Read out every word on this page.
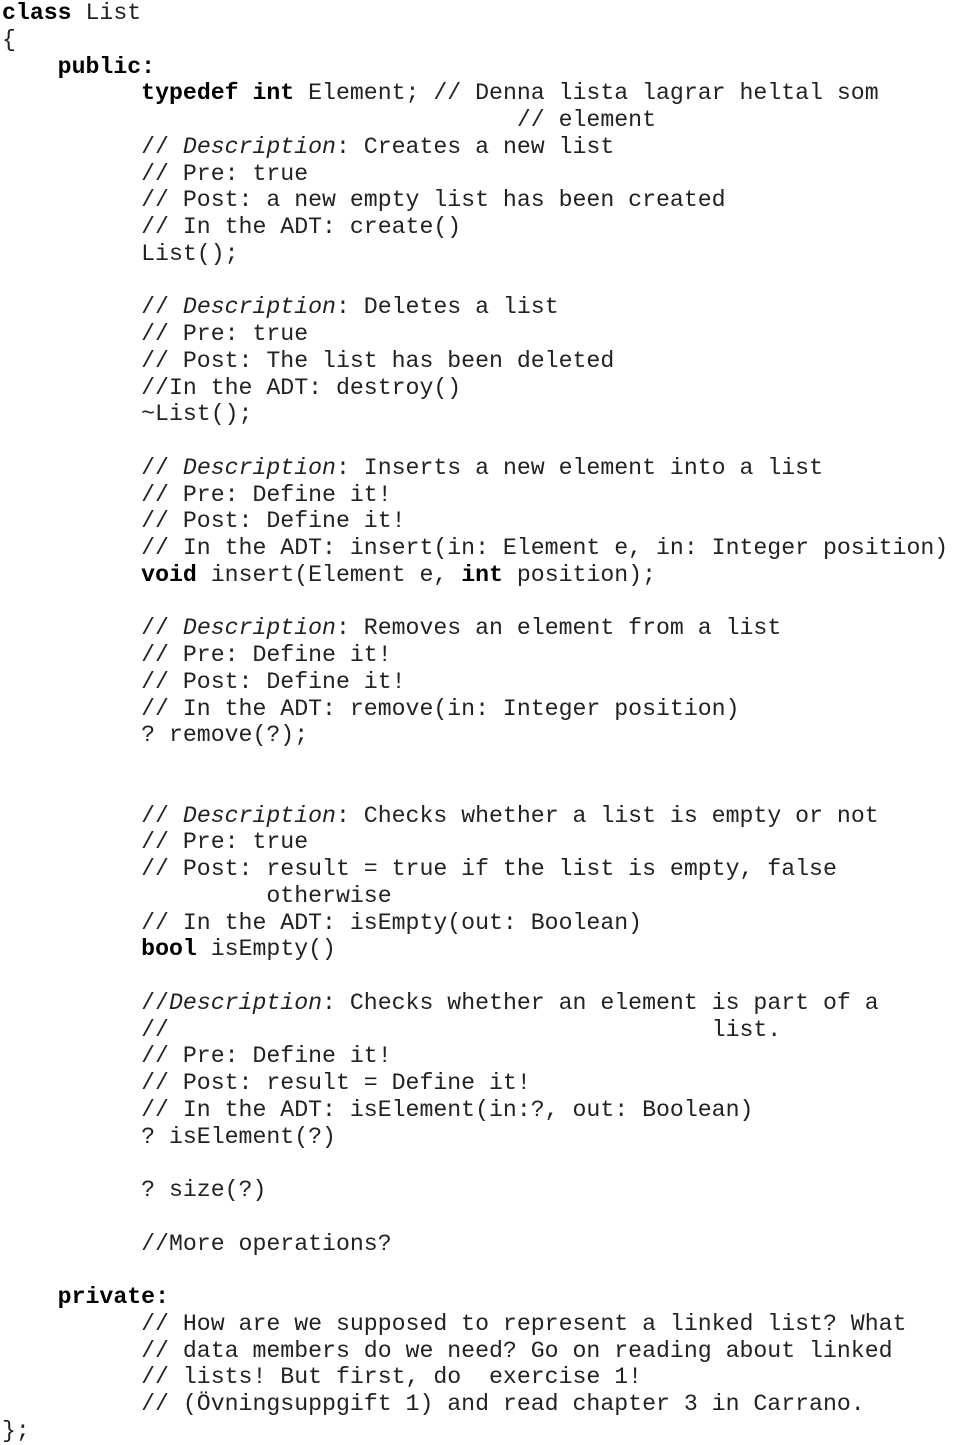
class List
{
public:
typedef int Element; // Denna lista lagrar heltal som
// element
// Description: Creates a new list
// Pre: true
// Post: a new empty list has been created
// In the ADT: create()
List();
// Description: Deletes a list
// Pre: true
// Post: The list has been deleted
//In the ADT: destroy()
~List();
// Description: Inserts a new element into a list
// Pre: Define it!
// Post: Define it!
// In the ADT: insert(in: Element e, in: Integer position)
void insert(Element e, int position);
// Description: Removes an element from a list
// Pre: Define it!
// Post: Define it!
// In the ADT: remove(in: Integer position)
? remove(?);
// Description: Checks whether a list is empty or not
// Pre: true
// Post: result = true if the list is empty, false
otherwise
// In the ADT: isEmpty(out: Boolean)
bool isEmpty()
//Description: Checks whether an element is part of a
//                                       list.
// Pre: Define it!
// Post: result = Define it!
// In the ADT: isElement(in:?, out: Boolean)
? isElement(?)
? size(?)
//More operations?
private:
// How are we supposed to represent a linked list? What
// data members do we need? Go on reading about linked
// lists! But first, do  exercise 1!
// (Övningsuppgift 1) and read chapter 3 in Carrano.
};
